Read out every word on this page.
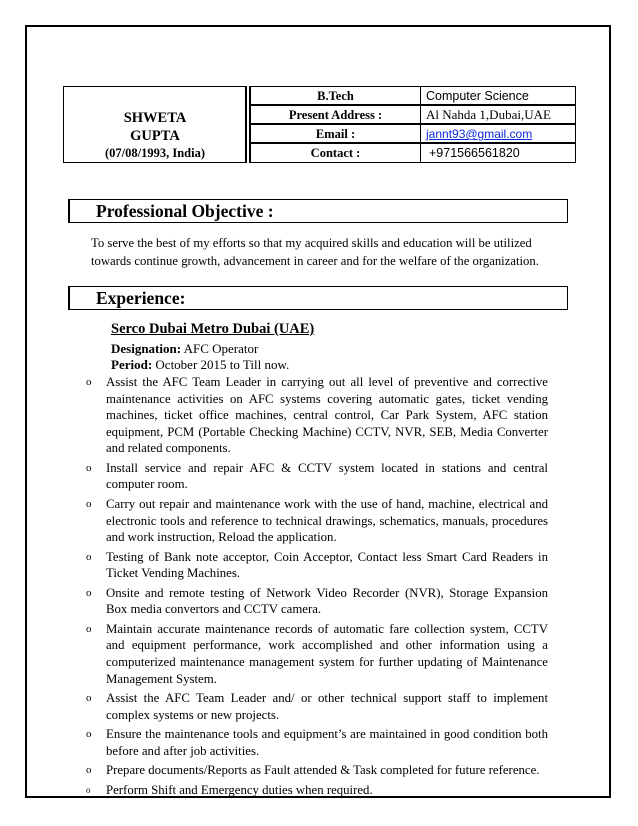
SHWETA
GUPTA
(07/08/1993, India)
B.Tech	Computer Science
Present Address :	Al Nahda 1,Dubai,UAE
Email :	jannt93@gmail.com
Contact :	+971566561820
Professional Objective :
To serve the best of my efforts so that my acquired skills and education will be utilized towards continue growth, advancement in career and for the welfare of the organization.
Experience:
Serco Dubai Metro Dubai (UAE)
Designation: AFC Operator
Period: October 2015 to Till now.
o Assist the AFC Team Leader in carrying out all level of preventive and corrective maintenance activities on AFC systems covering automatic gates, ticket vending machines, ticket office machines, central control, Car Park System, AFC station equipment, PCM (Portable Checking Machine) CCTV, NVR, SEB, Media Converter and related components.
o Install service and repair AFC & CCTV system located in stations and central computer room.
o Carry out repair and maintenance work with the use of hand, machine, electrical and electronic tools and reference to technical drawings, schematics, manuals, procedures and work instruction, Reload the application.
o Testing of Bank note acceptor, Coin Acceptor, Contact less Smart Card Readers in Ticket Vending Machines.
o Onsite and remote testing of Network Video Recorder (NVR), Storage Expansion Box media convertors and CCTV camera.
o Maintain accurate maintenance records of automatic fare collection system, CCTV and equipment performance, work accomplished and other information using a computerized maintenance management system for further updating of Maintenance Management System.
o Assist the AFC Team Leader and/ or other technical support staff to implement complex systems or new projects.
o Ensure the maintenance tools and equipment’s are maintained in good condition both before and after job activities.
o Prepare documents/Reports as Fault attended & Task completed for future reference.
o Perform Shift and Emergency duties when required.
